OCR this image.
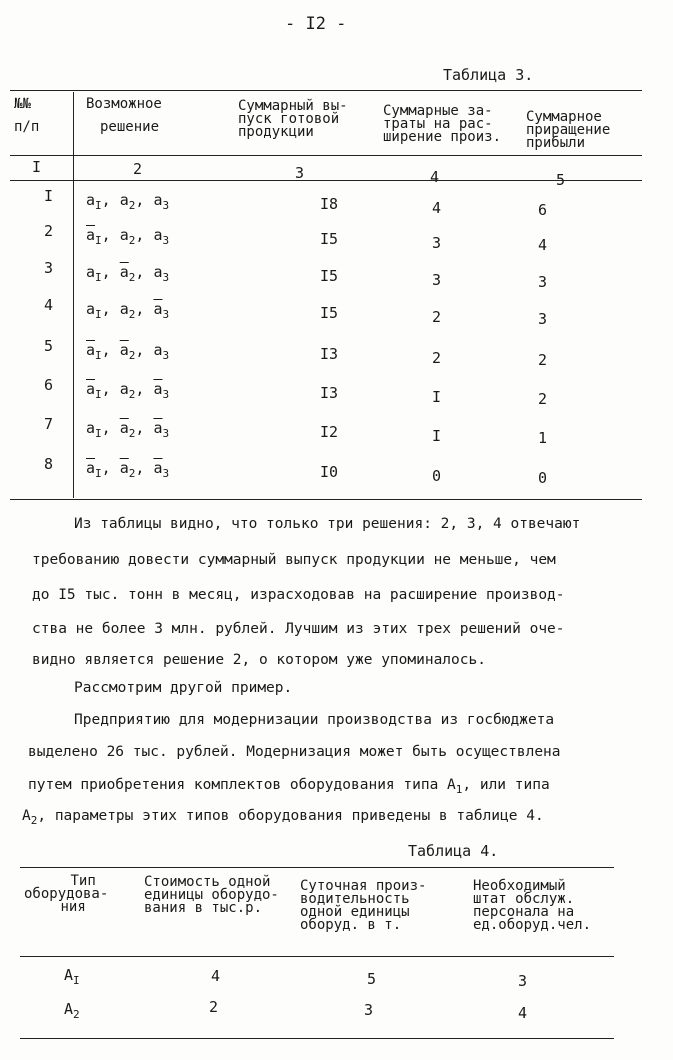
- I2 -
Таблица 3.
№№
п/п
Возможное
решение
Суммарный вы-
пуск готовой
продукции
Суммарные за-
траты на рас-
ширение произ.
Суммарное
приращение
прибыли
I	2	3	4	5
I $a_I$, $a_2$, $a_3$	I8	4	6
2 $\overline{a}_I$, $a_2$, $a_3$	I5	3	4
3 $a_I$, $\overline{a}_2$, $a_3$	I5	3	3
4 $a_I$, $a_2$, $\overline{a}_3$	I5	2	3
5 $\overline{a}_I$, $\overline{a}_2$, $a_3$	I3	2	2
6 $\overline{a}_I$, $a_2$, $\overline{a}_3$	I3	I	2
7 $a_I$, $\overline{a}_2$, $\overline{a}_3$	I2	I	1
8 $\overline{a}_I$, $\overline{a}_2$, $\overline{a}_3$	I0	0	0
Из таблицы видно, что только три решения: 2, 3, 4 отвечают
требованию довести суммарный выпуск продукции не меньше, чем
до I5 тыс. тонн в месяц, израсходовав на расширение производ-
ства не более 3 млн. рублей. Лучшим из этих трех решений оче-
видно является решение 2, о котором уже упоминалось.
Рассмотрим другой пример.
Предприятию для модернизации производства из госбюджета
выделено 26 тыс. рублей. Модернизация может быть осуществлена
путем приобретения комплектов оборудования типа $A_1$, или типа
$A_2$, параметры этих типов оборудования приведены в таблице 4.
Таблица 4.
Тип
оборудова-
ния
Стоимость одной
единицы оборудо-
вания в тыс.р.
Суточная произ-
водительность
одной единицы
оборуд. в т.
Необходимый
штат обслуж.
персонала на
ед.оборуд.чел.
$A_I$	4	5	3
$A_2$	2	3	4
